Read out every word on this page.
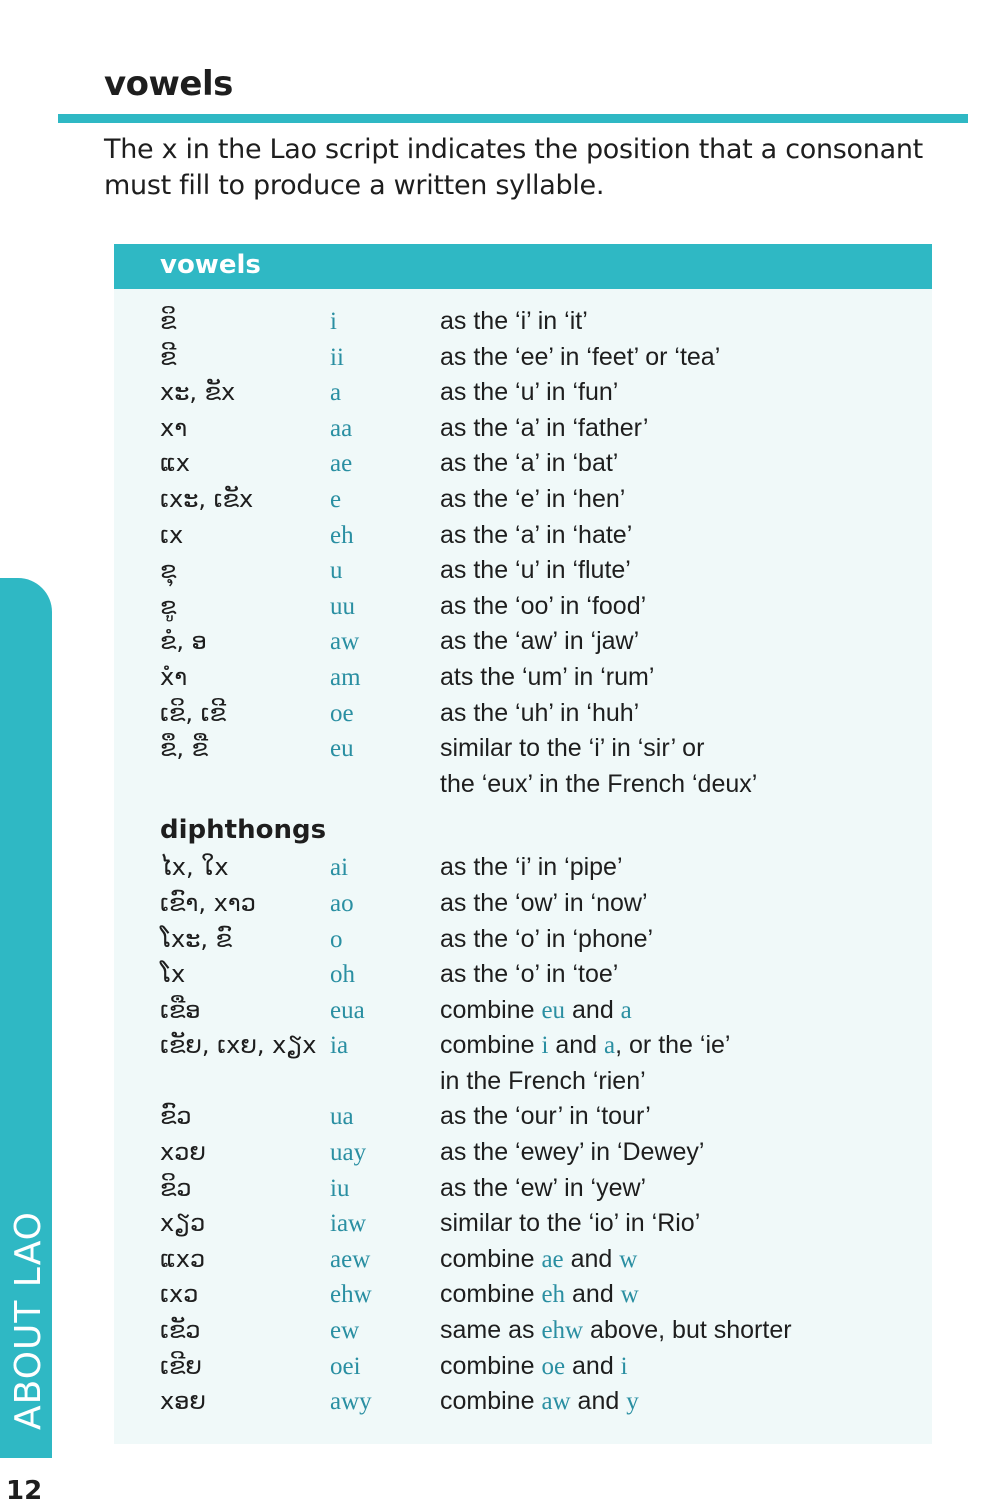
vowels

The x in the Lao script indicates the position that a consonant must fill to produce a written syllable.

vowels
ຂິ	i	as the ‘i’ in ‘it’
ຂີ	ii	as the ‘ee’ in ‘feet’ or ‘tea’
xະ, ຂັx	a	as the ‘u’ in ‘fun’
xາ	aa	as the ‘a’ in ‘father’
ແx	ae	as the ‘a’ in ‘bat’
ເxະ, ເຂັx	e	as the ‘e’ in ‘hen’
ເx	eh	as the ‘a’ in ‘hate’
ຂຸ	u	as the ‘u’ in ‘flute’
ຂູ	uu	as the ‘oo’ in ‘food’
ຂໍ, ອ	aw	as the ‘aw’ in ‘jaw’
xໍາ	am	ats the ‘um’ in ‘rum’
ເຂິ, ເຂີ	oe	as the ‘uh’ in ‘huh’
ຂຶ, ຂື	eu	similar to the ‘i’ in ‘sir’ or
the ‘eux’ in the French ‘deux’
diphthongs
ໄx, ໃx	ai	as the ‘i’ in ‘pipe’
ເຂົາ, xາວ	ao	as the ‘ow’ in ‘now’
ໂxະ, ຂົ	o	as the ‘o’ in ‘phone’
ໂx	oh	as the ‘o’ in ‘toe’
ເຂືອ	eua	combine eu and a
ເຂັຍ, ເxຍ, xຽx ia	combine i and a, or the ‘ie’
in the French ‘rien’
ຂົວ	ua	as the ‘our’ in ‘tour’
xວຍ	uay	as the ‘ewey’ in ‘Dewey’
ຂິວ	iu	as the ‘ew’ in ‘yew’
xຽວ	iaw	similar to the ‘io’ in ‘Rio’
ແxວ	aew	combine ae and w
ເxວ	ehw	combine eh and w
ເຂັວ	ew	same as ehw above, but shorter
ເຂີຍ	oei	combine oe and i
xອຍ	awy	combine aw and y
ABOUT LAO
12
